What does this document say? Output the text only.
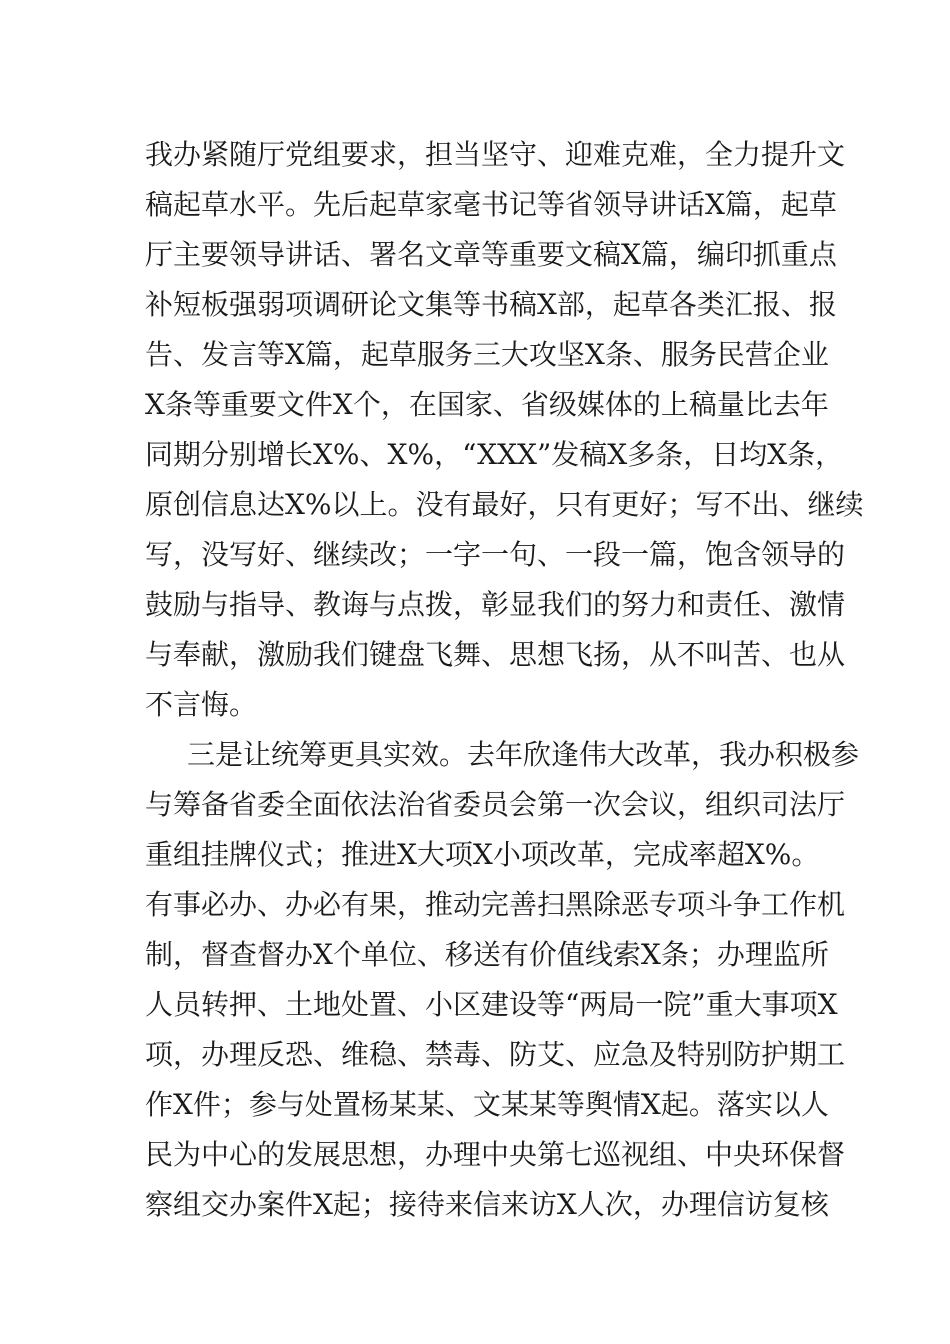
我办紧随厅党组要求，担当坚守、迎难克难，全力提升文
稿起草水平。先后起草家毫书记等省领导讲话X篇，起草
厅主要领导讲话、署名文章等重要文稿X篇，编印抓重点
补短板强弱项调研论文集等书稿X部，起草各类汇报、报
告、发言等X篇，起草服务三大攻坚X条、服务民营企业
X条等重要文件X个，在国家、省级媒体的上稿量比去年
同期分别增长X%、X%，“XXX”发稿X多条，日均X条，
原创信息达X%以上。没有最好，只有更好；写不出、继续
写，没写好、继续改；一字一句、一段一篇，饱含领导的
鼓励与指导、教诲与点拨，彰显我们的努力和责任、激情
与奉献，激励我们键盘飞舞、思想飞扬，从不叫苦、也从
不言悔。
三是让统筹更具实效。去年欣逢伟大改革，我办积极参
与筹备省委全面依法治省委员会第一次会议，组织司法厅
重组挂牌仪式；推进X大项X小项改革，完成率超X%。
有事必办、办必有果，推动完善扫黑除恶专项斗争工作机
制，督查督办X个单位、移送有价值线索X条；办理监所
人员转押、土地处置、小区建设等“两局一院”重大事项X
项，办理反恐、维稳、禁毒、防艾、应急及特别防护期工
作X件；参与处置杨某某、文某某等舆情X起。落实以人
民为中心的发展思想，办理中央第七巡视组、中央环保督
察组交办案件X起；接待来信来访X人次，办理信访复核
